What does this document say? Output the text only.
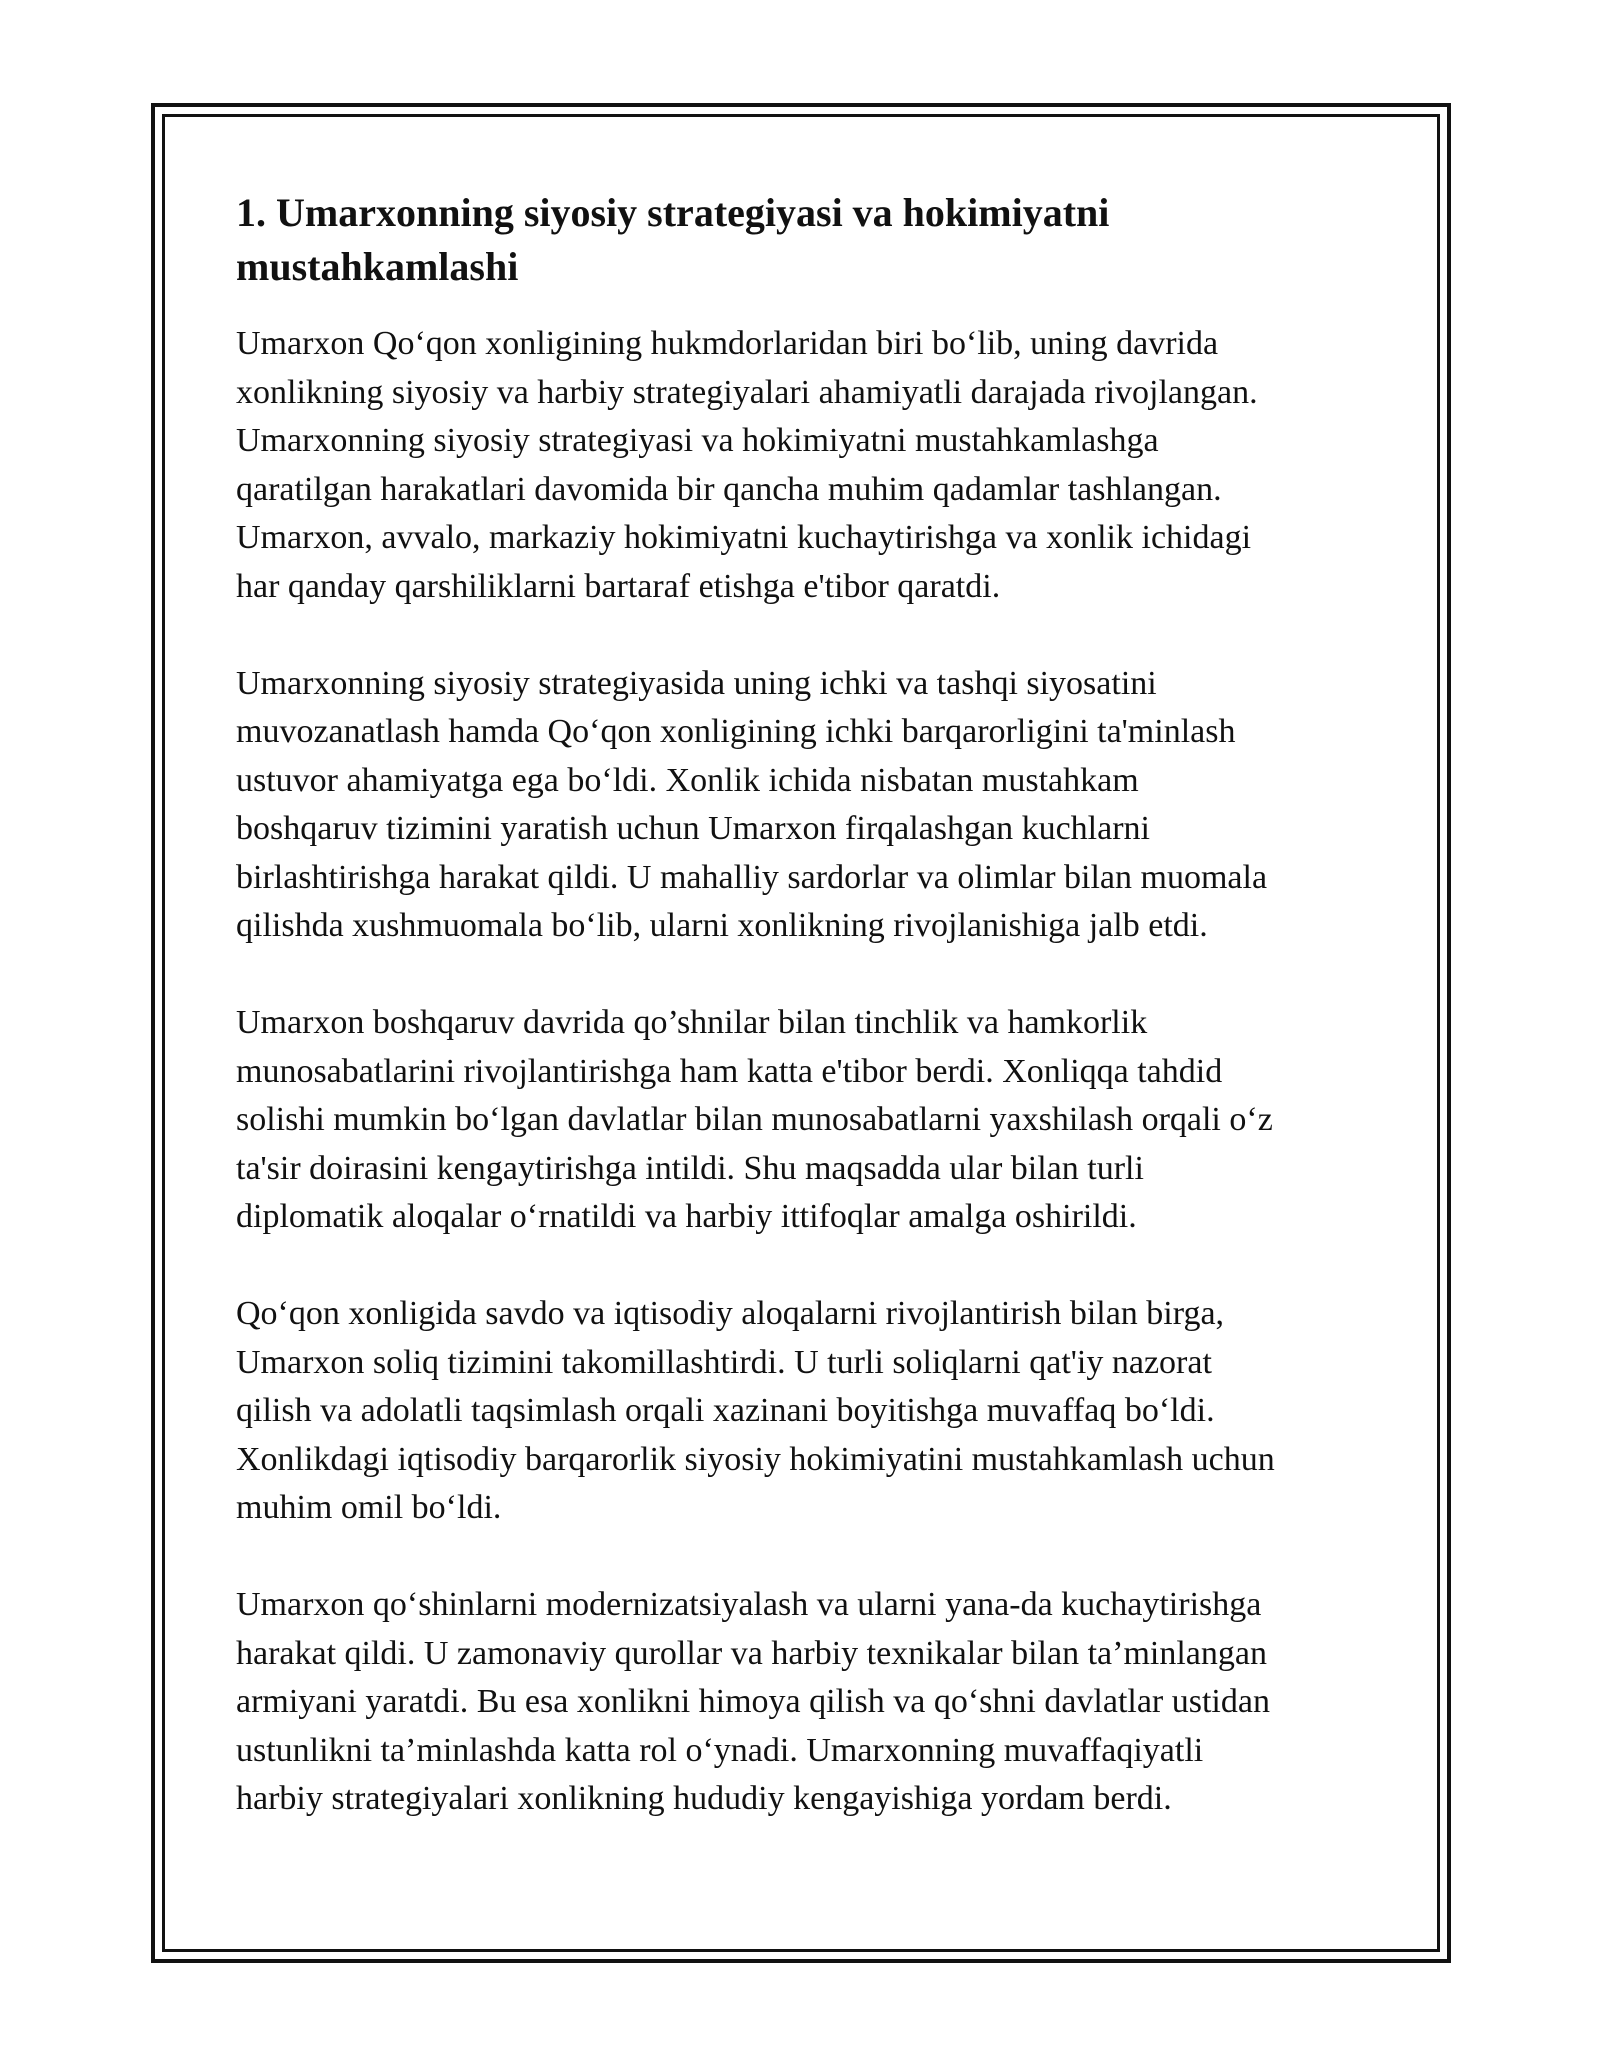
1. Umarxonning siyosiy strategiyasi va hokimiyatni
mustahkamlashi

Umarxon Qo‘qon xonligining hukmdorlaridan biri bo‘lib, uning davrida
xonlikning siyosiy va harbiy strategiyalari ahamiyatli darajada rivojlangan.
Umarxonning siyosiy strategiyasi va hokimiyatni mustahkamlashga
qaratilgan harakatlari davomida bir qancha muhim qadamlar tashlangan.
Umarxon, avvalo, markaziy hokimiyatni kuchaytirishga va xonlik ichidagi
har qanday qarshiliklarni bartaraf etishga e'tibor qaratdi.

Umarxonning siyosiy strategiyasida uning ichki va tashqi siyosatini
muvozanatlash hamda Qo‘qon xonligining ichki barqarorligini ta'minlash
ustuvor ahamiyatga ega bo‘ldi. Xonlik ichida nisbatan mustahkam
boshqaruv tizimini yaratish uchun Umarxon firqalashgan kuchlarni
birlashtirishga harakat qildi. U mahalliy sardorlar va olimlar bilan muomala
qilishda xushmuomala bo‘lib, ularni xonlikning rivojlanishiga jalb etdi.

Umarxon boshqaruv davrida qo’shnilar bilan tinchlik va hamkorlik
munosabatlarini rivojlantirishga ham katta e'tibor berdi. Xonliqqa tahdid
solishi mumkin bo‘lgan davlatlar bilan munosabatlarni yaxshilash orqali o‘z
ta'sir doirasini kengaytirishga intildi. Shu maqsadda ular bilan turli
diplomatik aloqalar o‘rnatildi va harbiy ittifoqlar amalga oshirildi.

Qo‘qon xonligida savdo va iqtisodiy aloqalarni rivojlantirish bilan birga,
Umarxon soliq tizimini takomillashtirdi. U turli soliqlarni qat'iy nazorat
qilish va adolatli taqsimlash orqali xazinani boyitishga muvaffaq bo‘ldi.
Xonlikdagi iqtisodiy barqarorlik siyosiy hokimiyatini mustahkamlash uchun
muhim omil bo‘ldi.

Umarxon qo‘shinlarni modernizatsiyalash va ularni yana-da kuchaytirishga
harakat qildi. U zamonaviy qurollar va harbiy texnikalar bilan ta’minlangan
armiyani yaratdi. Bu esa xonlikni himoya qilish va qo‘shni davlatlar ustidan
ustunlikni ta’minlashda katta rol o‘ynadi. Umarxonning muvaffaqiyatli
harbiy strategiyalari xonlikning hududiy kengayishiga yordam berdi.
